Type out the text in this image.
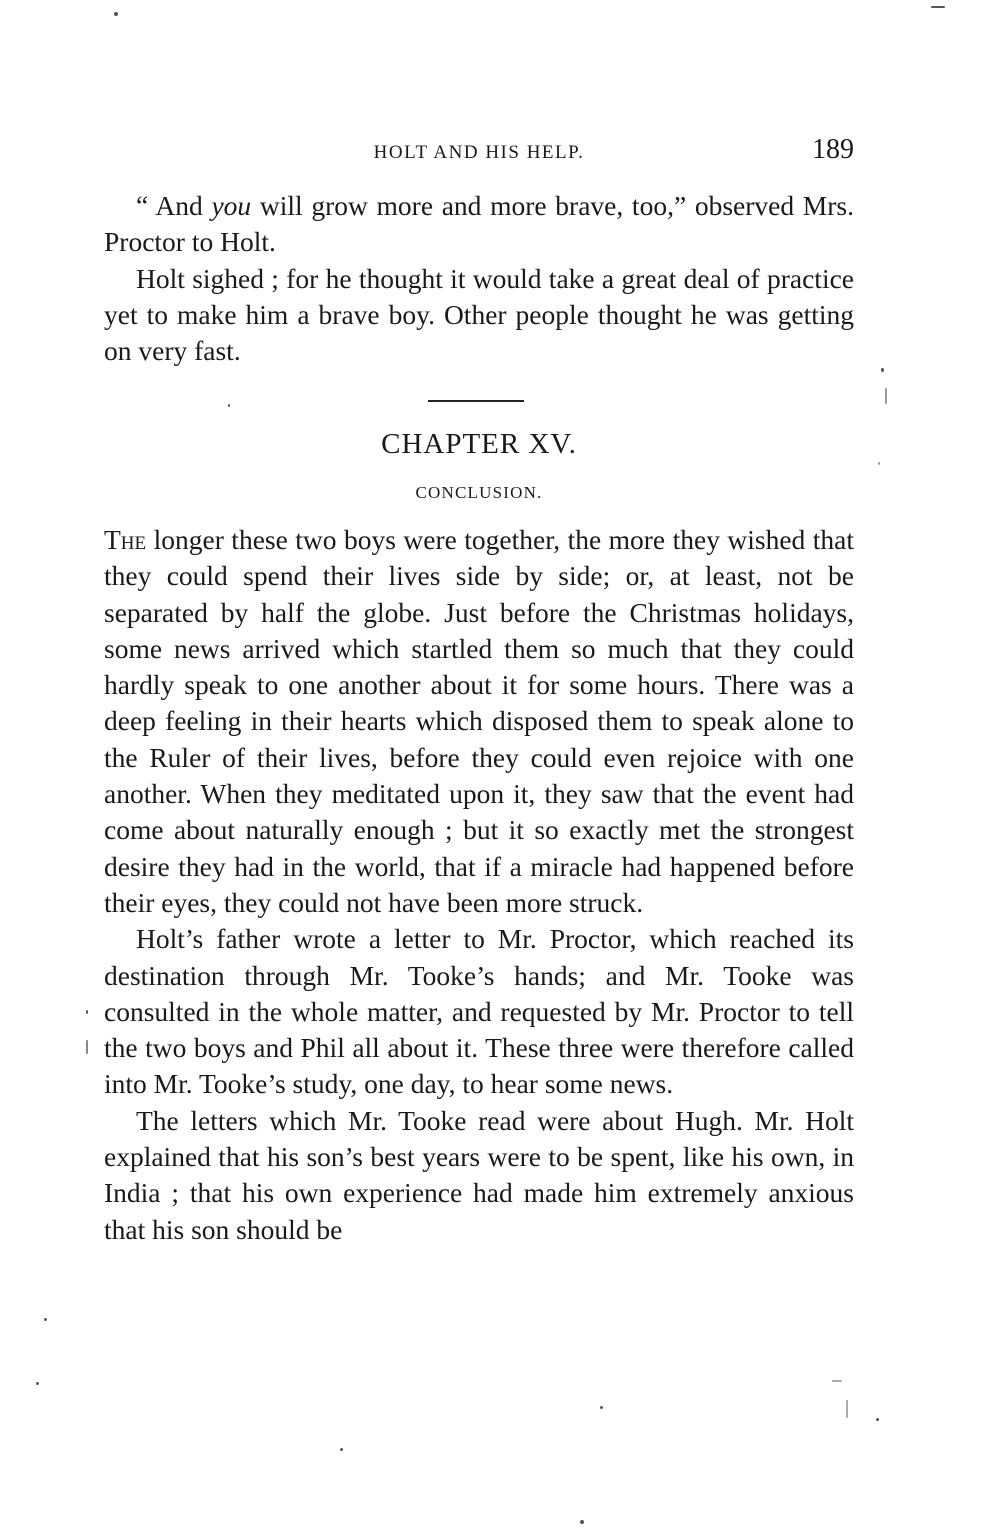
HOLT AND HIS HELP.	189

“ And you will grow more and more brave, too,” observed Mrs. Proctor to Holt.

Holt sighed ; for he thought it would take a great deal of practice yet to make him a brave boy. Other people thought he was getting on very fast.

CHAPTER XV.
CONCLUSION.

The longer these two boys were together, the more they wished that they could spend their lives side by side; or, at least, not be separated by half the globe. Just before the Christmas holidays, some news arrived which startled them so much that they could hardly speak to one another about it for some hours. There was a deep feeling in their hearts which disposed them to speak alone to the Ruler of their lives, before they could even rejoice with one another. When they meditated upon it, they saw that the event had come about naturally enough ; but it so exactly met the strongest desire they had in the world, that if a miracle had happened before their eyes, they could not have been more struck.

Holt’s father wrote a letter to Mr. Proctor, which reached its destination through Mr. Tooke’s hands; and Mr. Tooke was consulted in the whole matter, and requested by Mr. Proctor to tell the two boys and Phil all about it. These three were therefore called into Mr. Tooke’s study, one day, to hear some news.

The letters which Mr. Tooke read were about Hugh. Mr. Holt explained that his son’s best years were to be spent, like his own, in India ; that his own experience had made him extremely anxious that his son should be
